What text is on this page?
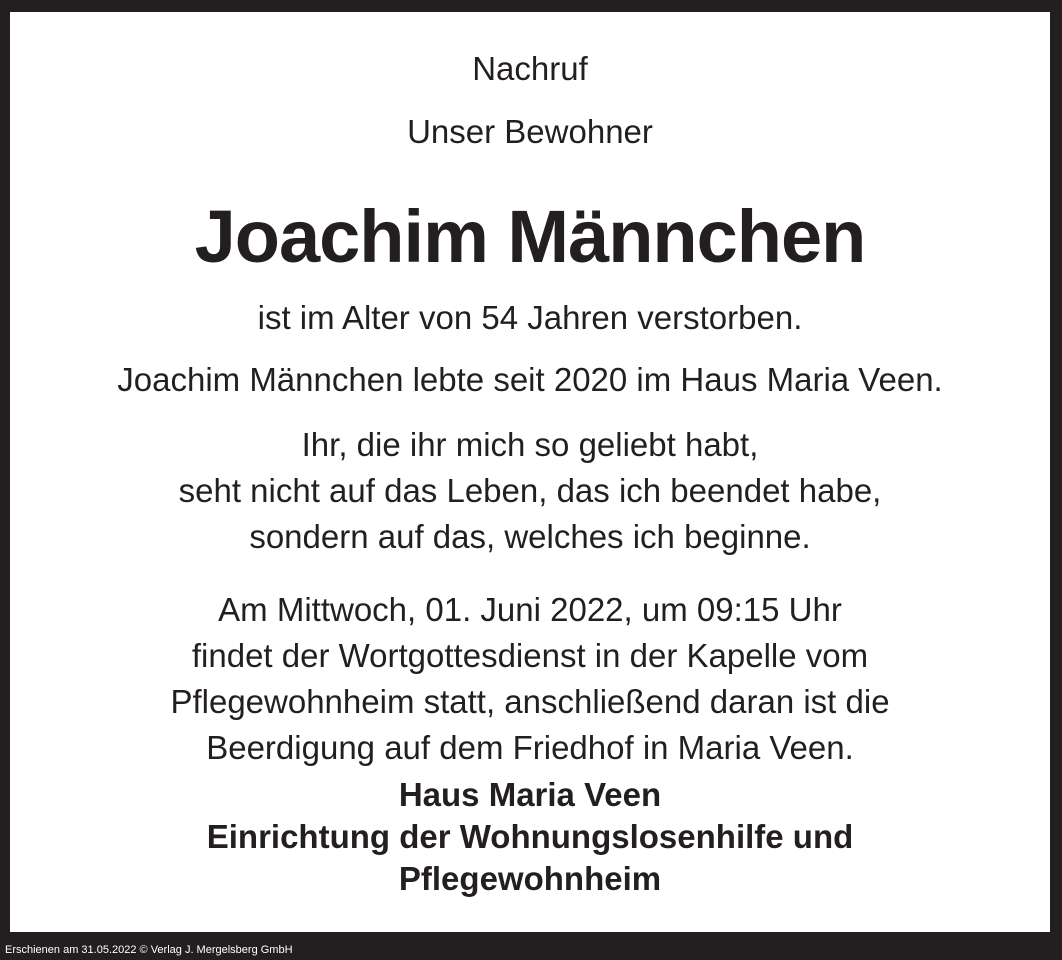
Nachruf
Unser Bewohner
Joachim Männchen
ist im Alter von 54 Jahren verstorben.
Joachim Männchen lebte seit 2020 im Haus Maria Veen.
Ihr, die ihr mich so geliebt habt,
seht nicht auf das Leben, das ich beendet habe,
sondern auf das, welches ich beginne.
Am Mittwoch, 01. Juni 2022, um 09:15 Uhr
findet der Wortgottesdienst in der Kapelle vom
Pflegewohnheim statt, anschließend daran ist die
Beerdigung auf dem Friedhof in Maria Veen.
Haus Maria Veen
Einrichtung der Wohnungslosenhilfe und
Pflegewohnheim
Erschienen am 31.05.2022 © Verlag J. Mergelsberg GmbH
